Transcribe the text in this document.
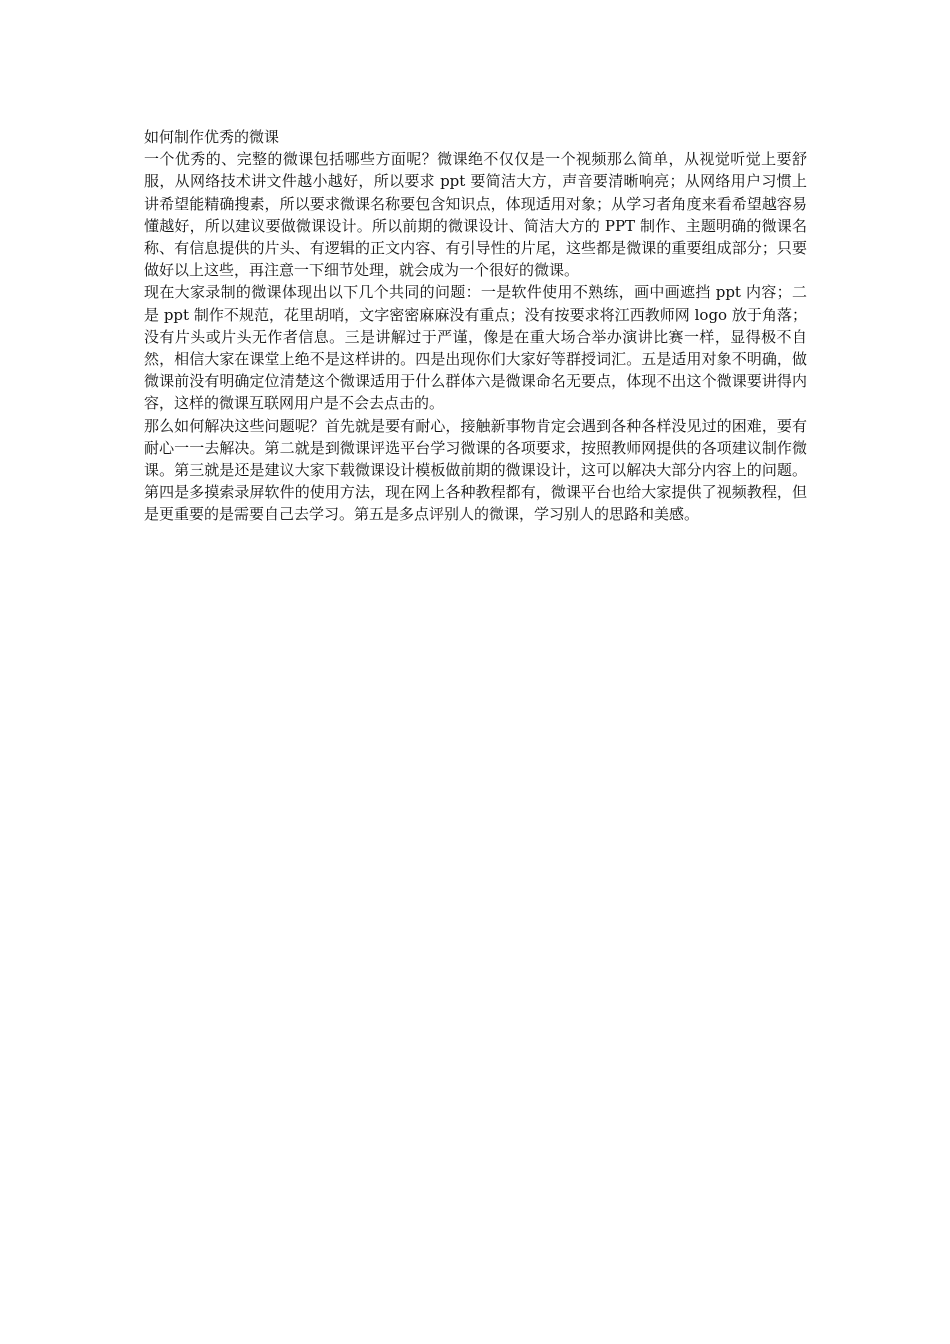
如何制作优秀的微课

一个优秀的、完整的微课包括哪些方面呢？微课绝不仅仅是一个视频那么简单，从视觉听觉上要舒服，从网络技术讲文件越小越好，所以要求 ppt 要简洁大方，声音要清晰响亮；从网络用户习惯上讲希望能精确搜素，所以要求微课名称要包含知识点，体现适用对象；从学习者角度来看希望越容易懂越好，所以建议要做微课设计。所以前期的微课设计、简洁大方的 PPT 制作、主题明确的微课名称、有信息提供的片头、有逻辑的正文内容、有引导性的片尾，这些都是微课的重要组成部分；只要做好以上这些，再注意一下细节处理，就会成为一个很好的微课。

现在大家录制的微课体现出以下几个共同的问题：一是软件使用不熟练，画中画遮挡 ppt 内容；二是 ppt 制作不规范，花里胡哨，文字密密麻麻没有重点；没有按要求将江西教师网 logo 放于角落；没有片头或片头无作者信息。三是讲解过于严谨，像是在重大场合举办演讲比赛一样，显得极不自然，相信大家在课堂上绝不是这样讲的。四是出现你们大家好等群授词汇。五是适用对象不明确，做微课前没有明确定位清楚这个微课适用于什么群体六是微课命名无要点，体现不出这个微课要讲得内容，这样的微课互联网用户是不会去点击的。

那么如何解决这些问题呢？首先就是要有耐心，接触新事物肯定会遇到各种各样没见过的困难，要有耐心一一去解决。第二就是到微课评选平台学习微课的各项要求，按照教师网提供的各项建议制作微课。第三就是还是建议大家下载微课设计模板做前期的微课设计，这可以解决大部分内容上的问题。第四是多摸索录屏软件的使用方法，现在网上各种教程都有，微课平台也给大家提供了视频教程，但是更重要的是需要自己去学习。第五是多点评别人的微课，学习别人的思路和美感。
